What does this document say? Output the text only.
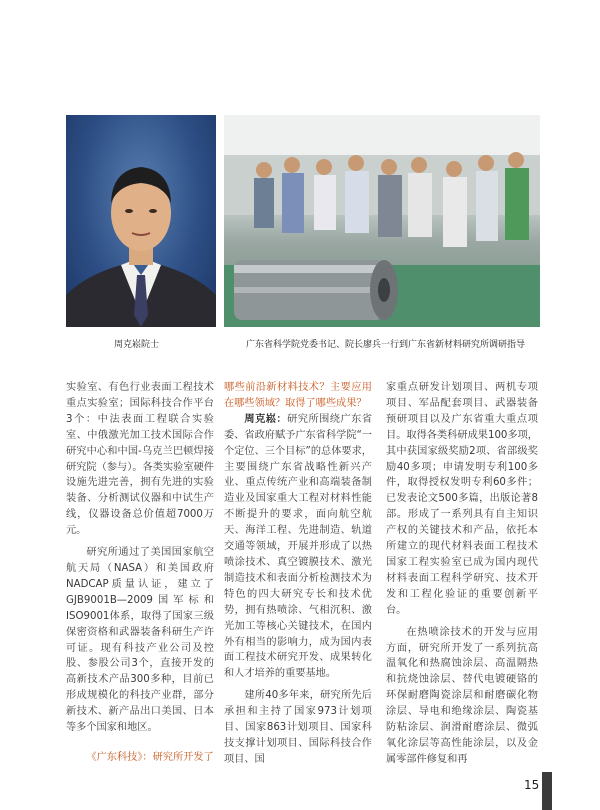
周克崧院士	广东省科学院党委书记、院长廖兵一行到广东省新材料研究所调研指导

实验室、有色行业表面工程技术重点实验室；国际科技合作平台3个：中法表面工程联合实验室、中俄激光加工技术国际合作研究中心和中国-乌克兰巴顿焊接研究院（参与）。各类实验室硬件设施先进完善，拥有先进的实验装备、分析测试仪器和中试生产线，仪器设备总价值超7000万元。

研究所通过了美国国家航空航天局（NASA）和美国政府NADCAP质量认证，建立了GJB9001B—2009国军标和ISO9001体系，取得了国家三级保密资格和武器装备科研生产许可证。现有科技产业公司及控股、参股公司3个，直接开发的高新技术产品300多种，目前已形成规模化的科技产业群，部分新技术、新产品出口美国、日本等多个国家和地区。

《广东科技》：研究所开发了

哪些前沿新材料技术？主要应用在哪些领域？取得了哪些成果？

周克崧：研究所围绕广东省委、省政府赋予广东省科学院“一个定位、三个目标”的总体要求，主要围绕广东省战略性新兴产业、重点传统产业和高端装备制造业及国家重大工程对材料性能不断提升的要求，面向航空航天、海洋工程、先进制造、轨道交通等领域，开展并形成了以热喷涂技术、真空镀膜技术、激光制造技术和表面分析检测技术为特色的四大研究专长和技术优势，拥有热喷涂、气相沉积、激光加工等核心关键技术，在国内外有相当的影响力，成为国内表面工程技术研究开发、成果转化和人才培养的重要基地。

建所40多年来，研究所先后承担和主持了国家973计划项目、国家863计划项目、国家科技支撑计划项目、国际科技合作项目、国

家重点研发计划项目、两机专项项目、军品配套项目、武器装备预研项目以及广东省重大重点项目。取得各类科研成果100多项，其中获国家级奖励2项、省部级奖励40多项；申请发明专利100多件，取得授权发明专利60多件；已发表论文500多篇，出版论著8部。形成了一系列具有自主知识产权的关键技术和产品，依托本所建立的现代材料表面工程技术国家工程实验室已成为国内现代材料表面工程科学研究、技术开发和工程化验证的重要创新平台。

在热喷涂技术的开发与应用方面，研究所开发了一系列抗高温氧化和热腐蚀涂层、高温隔热和抗烧蚀涂层、替代电镀硬铬的环保耐磨陶瓷涂层和耐磨碳化物涂层、导电和绝缘涂层、陶瓷基防粘涂层、润滑耐磨涂层、微弧氧化涂层等高性能涂层，以及金属零部件修复和再

15
